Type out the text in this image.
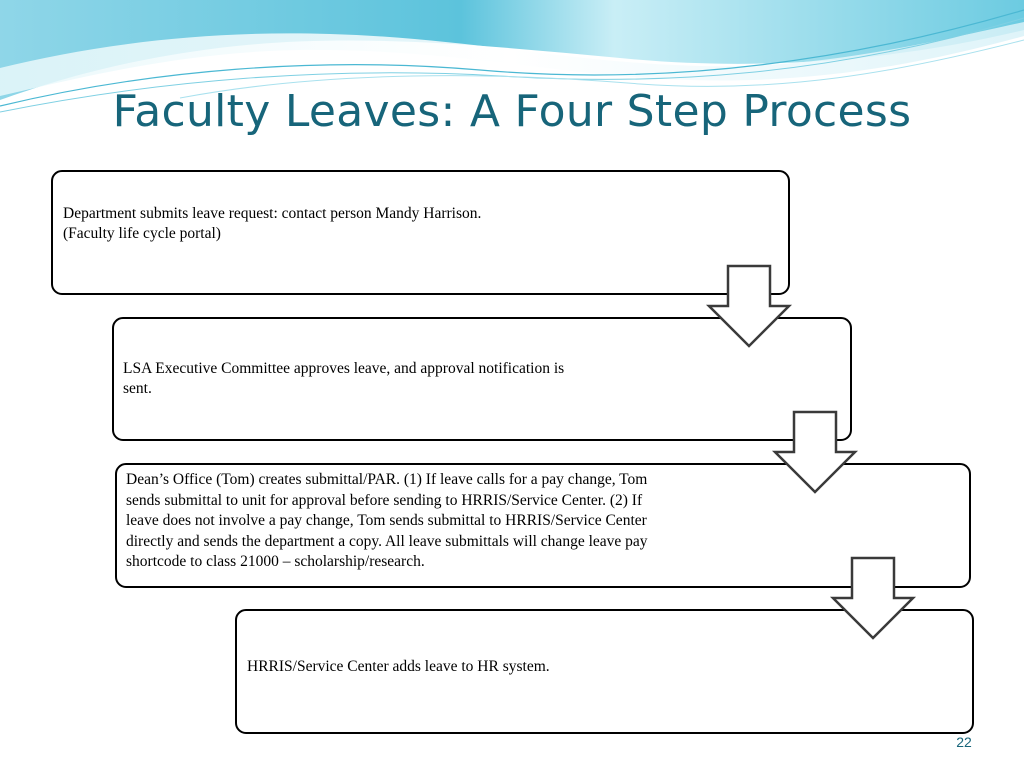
Faculty Leaves: A Four Step Process
Department submits leave request: contact person Mandy Harrison.
(Faculty life cycle portal)
LSA Executive Committee approves leave, and approval notification is
sent.
Dean’s Office (Tom) creates submittal/PAR. (1) If leave calls for a pay change, Tom
sends submittal to unit for approval before sending to HRRIS/Service Center. (2) If
leave does not involve a pay change, Tom sends submittal to HRRIS/Service Center
directly and sends the department a copy. All leave submittals will change leave pay
shortcode to class 21000 – scholarship/research.
HRRIS/Service Center adds leave to HR system.
22
